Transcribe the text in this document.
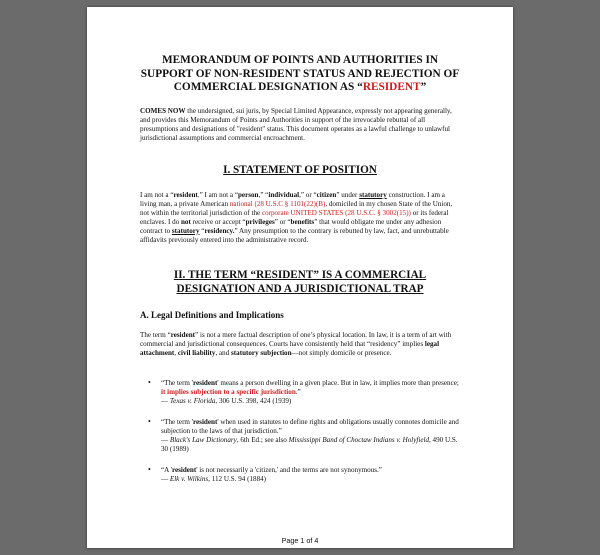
MEMORANDUM OF POINTS AND AUTHORITIES IN
SUPPORT OF NON-RESIDENT STATUS AND REJECTION OF
COMMERCIAL DESIGNATION AS “RESIDENT”
COMES NOW the undersigned, sui juris, by Special Limited Appearance, expressly not appearing generally, and provides this Memorandum of Points and Authorities in support of the irrevocable rebuttal of all presumptions and designations of "resident" status. This document operates as a lawful challenge to unlawful jurisdictional assumptions and commercial encroachment.
I. STATEMENT OF POSITION
I am not a “resident.” I am not a “person,” “individual,” or “citizen” under statutory construction. I am a living man, a private American national (28 U.S.C § 1101(22)(B), domiciled in my chosen State of the Union, not within the territorial jurisdiction of the corporate UNITED STATES (28 U.S.C. § 3002(15)) or its federal enclaves. I do not receive or accept “privileges” or “benefits” that would obligate me under any adhesion contract to statutory “residency.” Any presumption to the contrary is rebutted by law, fact, and unrebuttable affidavits previously entered into the administrative record.
II. THE TERM “RESIDENT” IS A COMMERCIAL
DESIGNATION AND A JURISDICTIONAL TRAP
A. Legal Definitions and Implications
The term “resident” is not a mere factual description of one’s physical location. In law, it is a term of art with commercial and jurisdictional consequences. Courts have consistently held that “residency” implies legal attachment, civil liability, and statutory subjection—not simply domicile or presence.
• “The term 'resident' means a person dwelling in a given place. But in law, it implies more than presence; it implies subjection to a specific jurisdiction.”
— Texas v. Florida, 306 U.S. 398, 424 (1939)
• “The term 'resident' when used in statutes to define rights and obligations usually connotes domicile and subjection to the laws of that jurisdiction.”
— Black's Law Dictionary, 6th Ed.; see also Mississippi Band of Choctaw Indians v. Holyfield, 490 U.S. 30 (1989)
• “A 'resident' is not necessarily a 'citizen,' and the terms are not synonymous.”
— Elk v. Wilkins, 112 U.S. 94 (1884)
Page 1 of 4
